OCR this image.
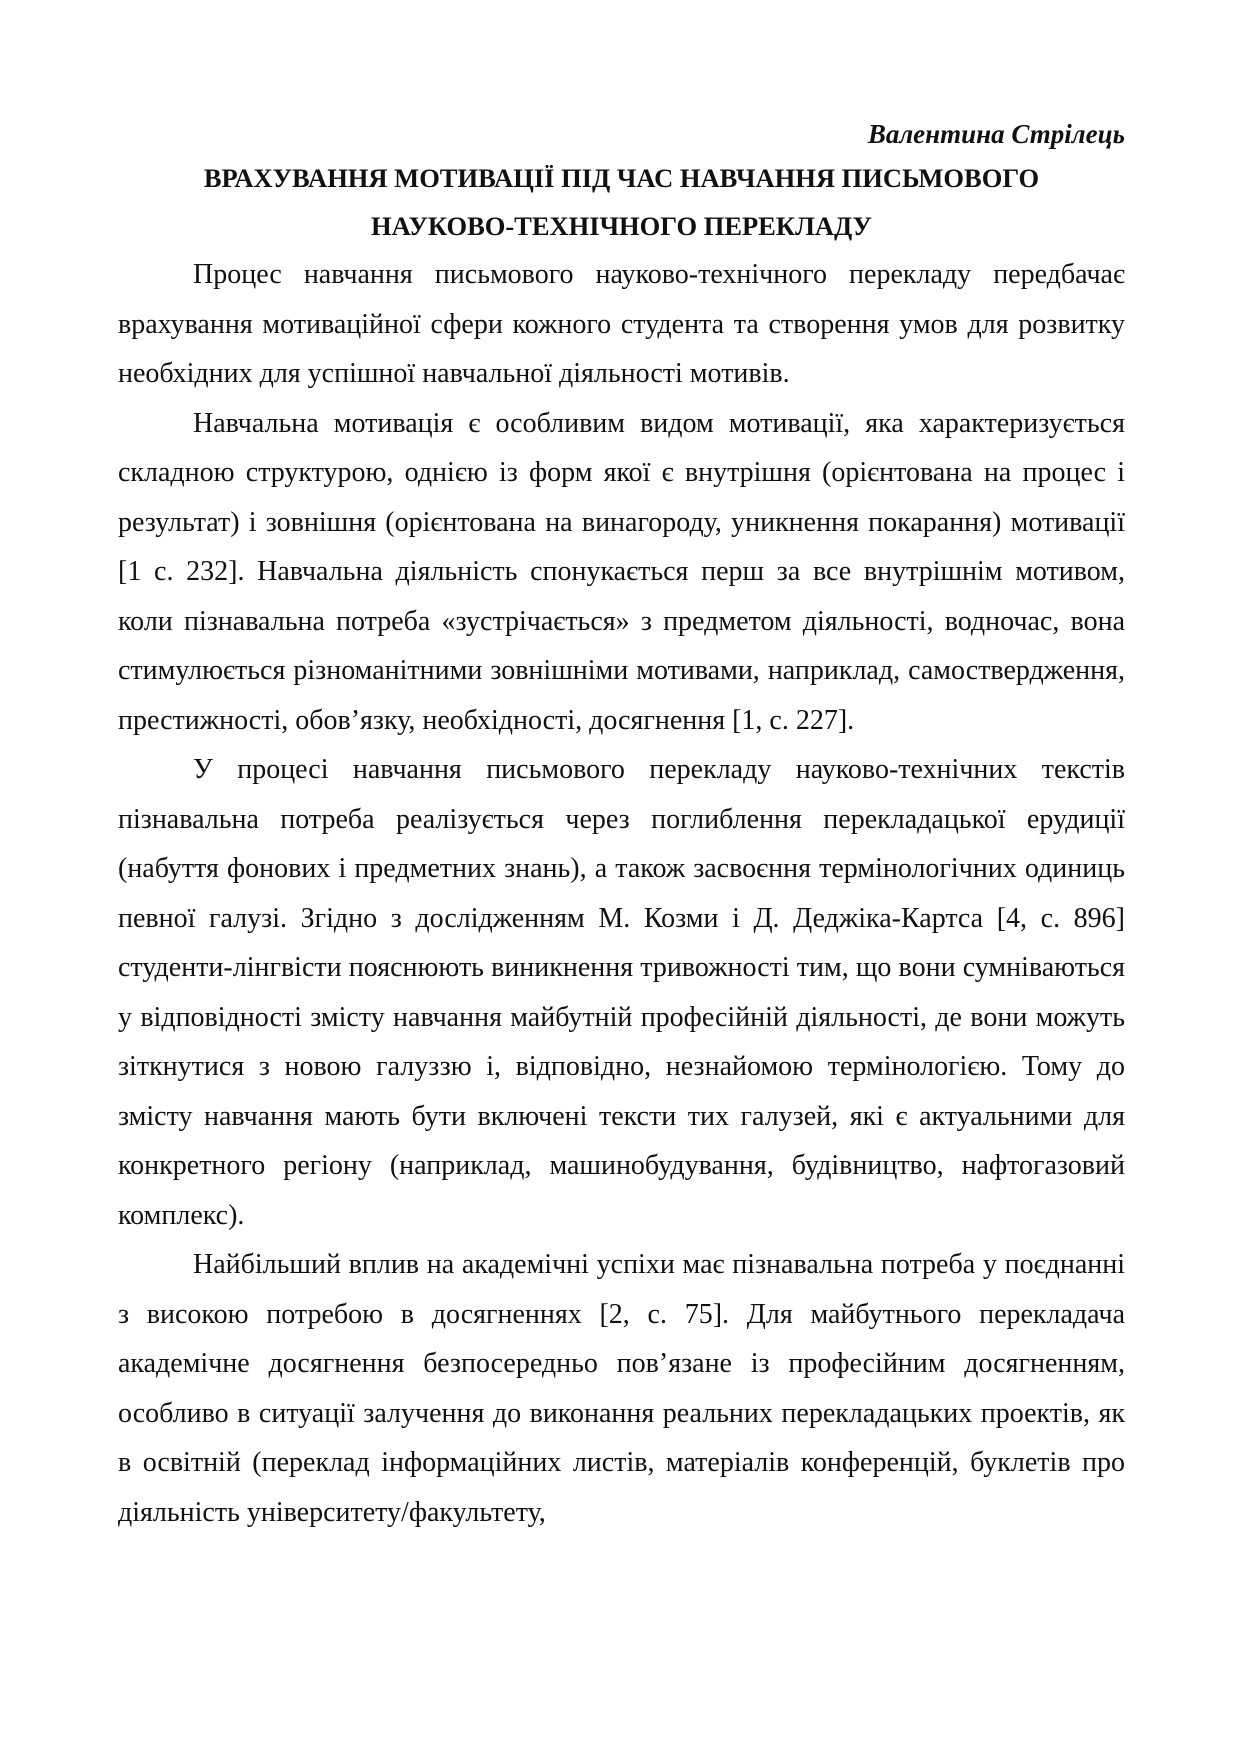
Валентина Стрілець

ВРАХУВАННЯ МОТИВАЦІЇ ПІД ЧАС НАВЧАННЯ ПИСЬМОВОГО

НАУКОВО-ТЕХНІЧНОГО ПЕРЕКЛАДУ

Процес навчання письмового науково-технічного перекладу передбачає врахування мотиваційної сфери кожного студента та створення умов для розвитку необхідних для успішної навчальної діяльності мотивів.

Навчальна мотивація є особливим видом мотивації, яка характеризується складною структурою, однією із форм якої є внутрішня (орієнтована на процес і результат) і зовнішня (орієнтована на винагороду, уникнення покарання) мотивації [1 с. 232]. Навчальна діяльність спонукається перш за все внутрішнім мотивом, коли пізнавальна потреба «зустрічається» з предметом діяльності, водночас, вона стимулюється різноманітними зовнішніми мотивами, наприклад, самоствердження, престижності, обов’язку, необхідності, досягнення [1, с. 227].

У процесі навчання письмового перекладу науково-технічних текстів пізнавальна потреба реалізується через поглиблення перекладацької ерудиції (набуття фонових і предметних знань), а також засвоєння термінологічних одиниць певної галузі. Згідно з дослідженням М. Козми і Д. Деджіка-Картса [4, с. 896] студенти-лінгвісти пояснюють виникнення тривожності тим, що вони сумніваються у відповідності змісту навчання майбутній професійній діяльності, де вони можуть зіткнутися з новою галуззю і, відповідно, незнайомою термінологією. Тому до змісту навчання мають бути включені тексти тих галузей, які є актуальними для конкретного регіону (наприклад, машинобудування, будівництво, нафтогазовий комплекс).

Найбільший вплив на академічні успіхи має пізнавальна потреба у поєднанні з високою потребою в досягненнях [2, с. 75]. Для майбутнього перекладача академічне досягнення безпосередньо пов’язане із професійним досягненням, особливо в ситуації залучення до виконання реальних перекладацьких проектів, як в освітній (переклад інформаційних листів, матеріалів конференцій, буклетів про діяльність університету/факультету,
